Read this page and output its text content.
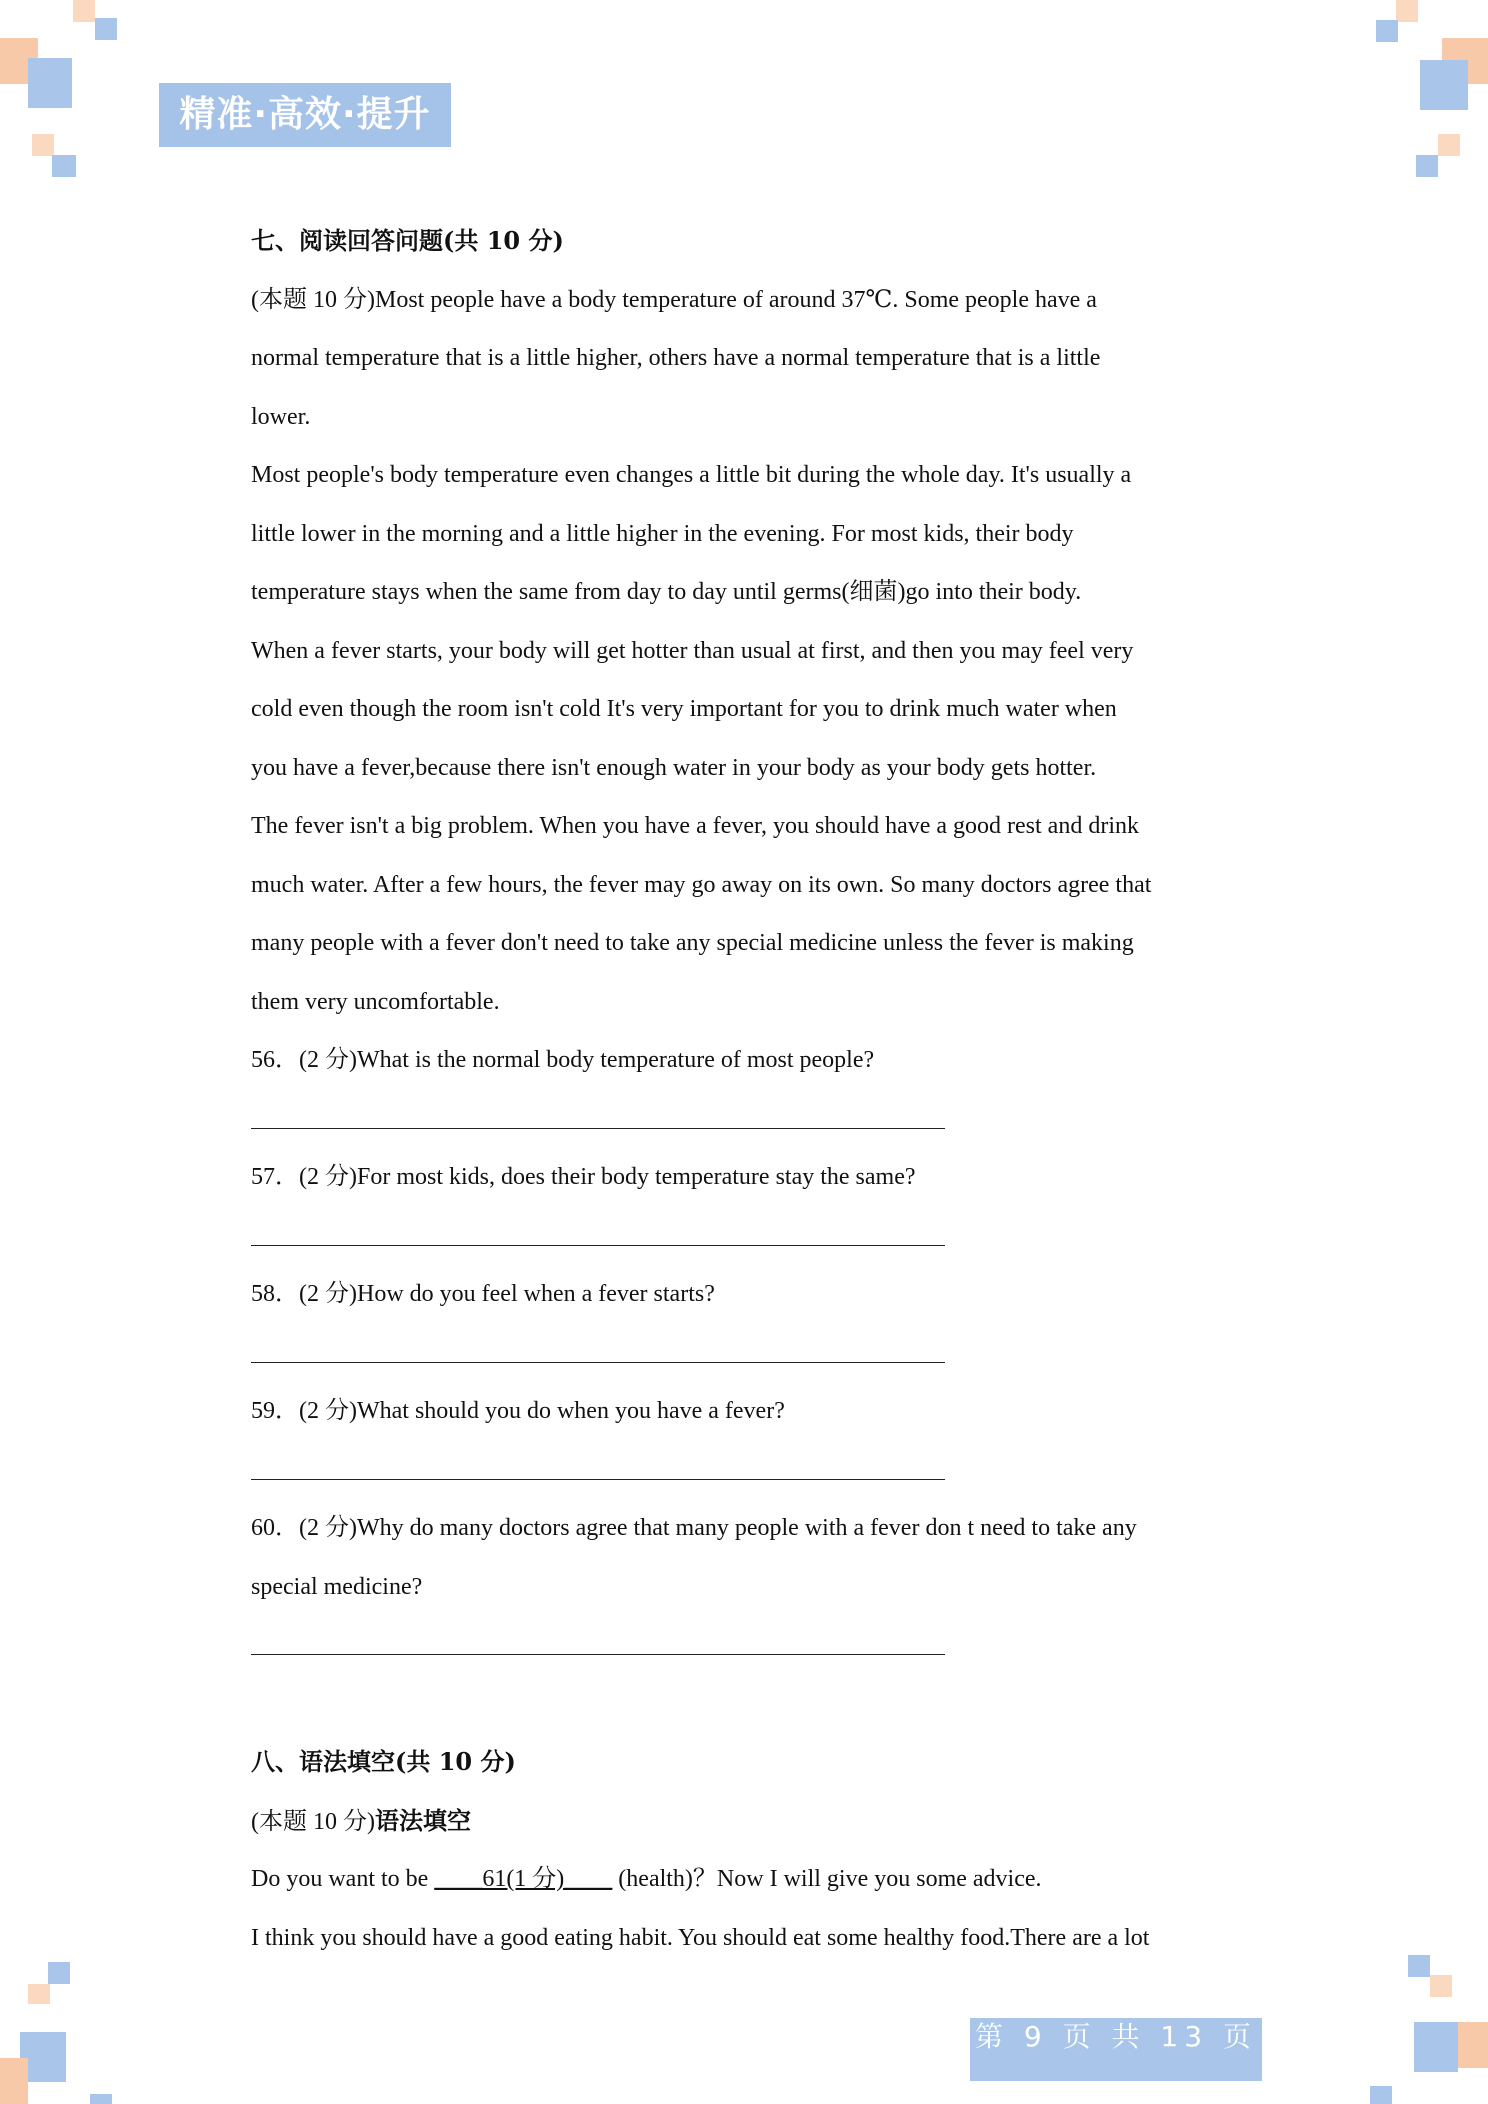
精准·高效·提升
七、阅读回答问题(共 10 分)
(本题 10 分)Most people have a body temperature of around 37℃. Some people have a
normal temperature that is a little higher, others have a normal temperature that is a little
lower.
Most people's body temperature even changes a little bit during the whole day. It's usually a
little lower in the morning and a little higher in the evening. For most kids, their body
temperature stays when the same from day to day until germs(细菌)go into their body.
When a fever starts, your body will get hotter than usual at first, and then you may feel very
cold even though the room isn't cold It's very important for you to drink much water when
you have a fever,because there isn't enough water in your body as your body gets hotter.
The fever isn't a big problem. When you have a fever, you should have a good rest and drink
much water. After a few hours, the fever may go away on its own. So many doctors agree that
many people with a fever don't need to take any special medicine unless the fever is making
them very uncomfortable.
56．(2 分)What is the normal body temperature of most people?
57．(2 分)For most kids, does their body temperature stay the same?
58．(2 分)How do you feel when a fever starts?
59．(2 分)What should you do when you have a fever?
60．(2 分)Why do many doctors agree that many people with a fever don t need to take any
special medicine?
八、语法填空(共 10 分)
(本题 10 分)语法填空
Do you want to be ____61(1 分)____ (health)？Now I will give you some advice.
I think you should have a good eating habit. You should eat some healthy food.There are a lot
第 9 页 共 13 页
